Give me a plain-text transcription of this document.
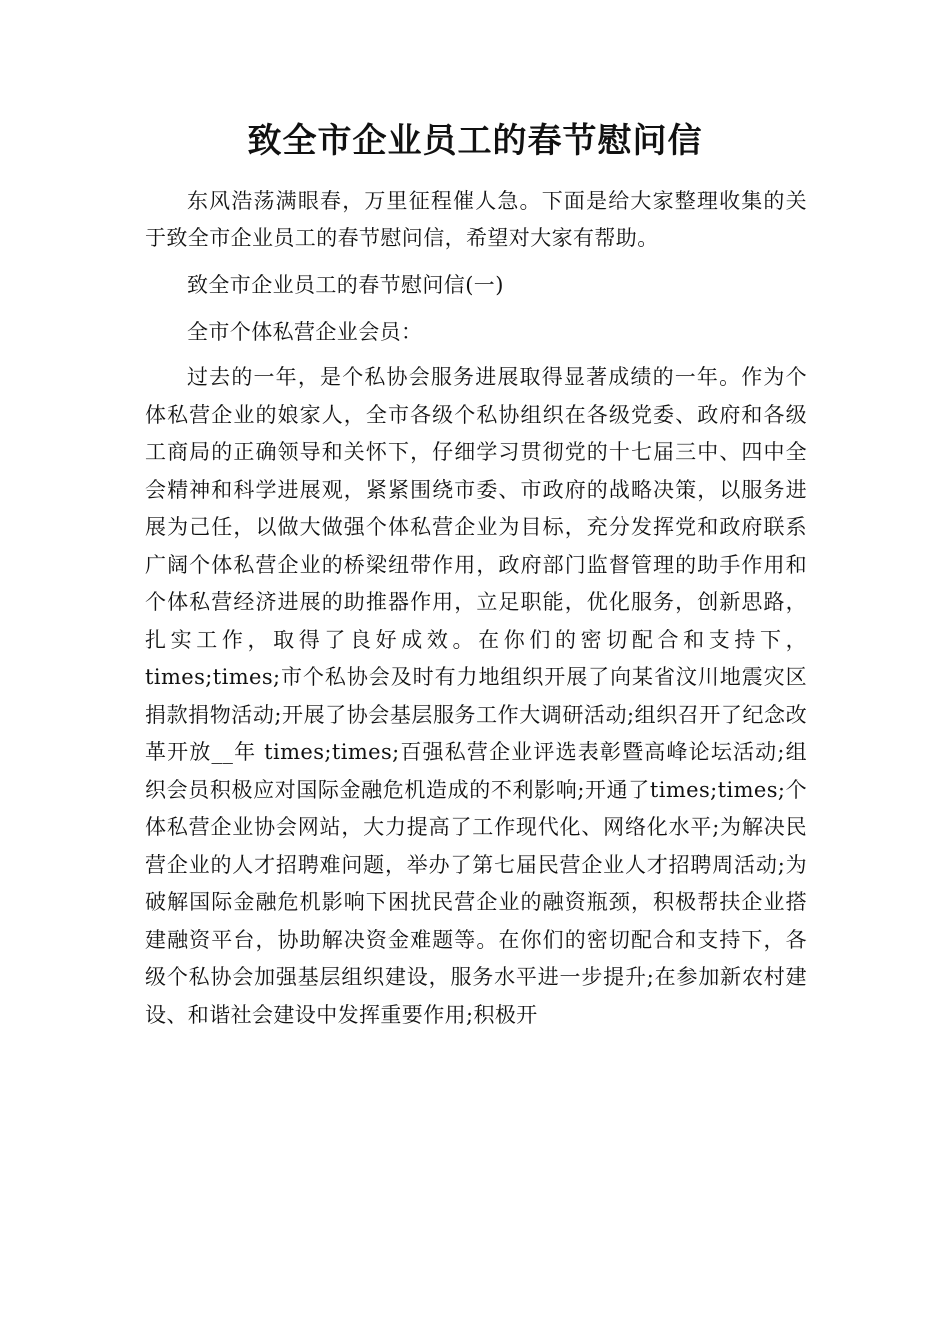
致全市企业员工的春节慰问信

东风浩荡满眼春，万里征程催人急。下面是给大家整理收集的关于致全市企业员工的春节慰问信，希望对大家有帮助。

致全市企业员工的春节慰问信(一)

全市个体私营企业会员：

过去的一年，是个私协会服务进展取得显著成绩的一年。作为个体私营企业的娘家人，全市各级个私协组织在各级党委、政府和各级工商局的正确领导和关怀下，仔细学习贯彻党的十七届三中、四中全会精神和科学进展观，紧紧围绕市委、市政府的战略决策，以服务进展为己任，以做大做强个体私营企业为目标，充分发挥党和政府联系广阔个体私营企业的桥梁纽带作用，政府部门监督管理的助手作用和个体私营经济进展的助推器作用，立足职能，优化服务，创新思路，扎实工作，取得了良好成效。在你们的密切配合和支持下，times;times;市个私协会及时有力地组织开展了向某省汶川地震灾区捐款捐物活动;开展了协会基层服务工作大调研活动;组织召开了纪念改革开放__年 times;times;百强私营企业评选表彰暨高峰论坛活动;组织会员积极应对国际金融危机造成的不利影响;开通了times;times;个体私营企业协会网站，大力提高了工作现代化、网络化水平;为解决民营企业的人才招聘难问题，举办了第七届民营企业人才招聘周活动;为破解国际金融危机影响下困扰民营企业的融资瓶颈，积极帮扶企业搭建融资平台，协助解决资金难题等。在你们的密切配合和支持下，各级个私协会加强基层组织建设，服务水平进一步提升;在参加新农村建设、和谐社会建设中发挥重要作用;积极开
